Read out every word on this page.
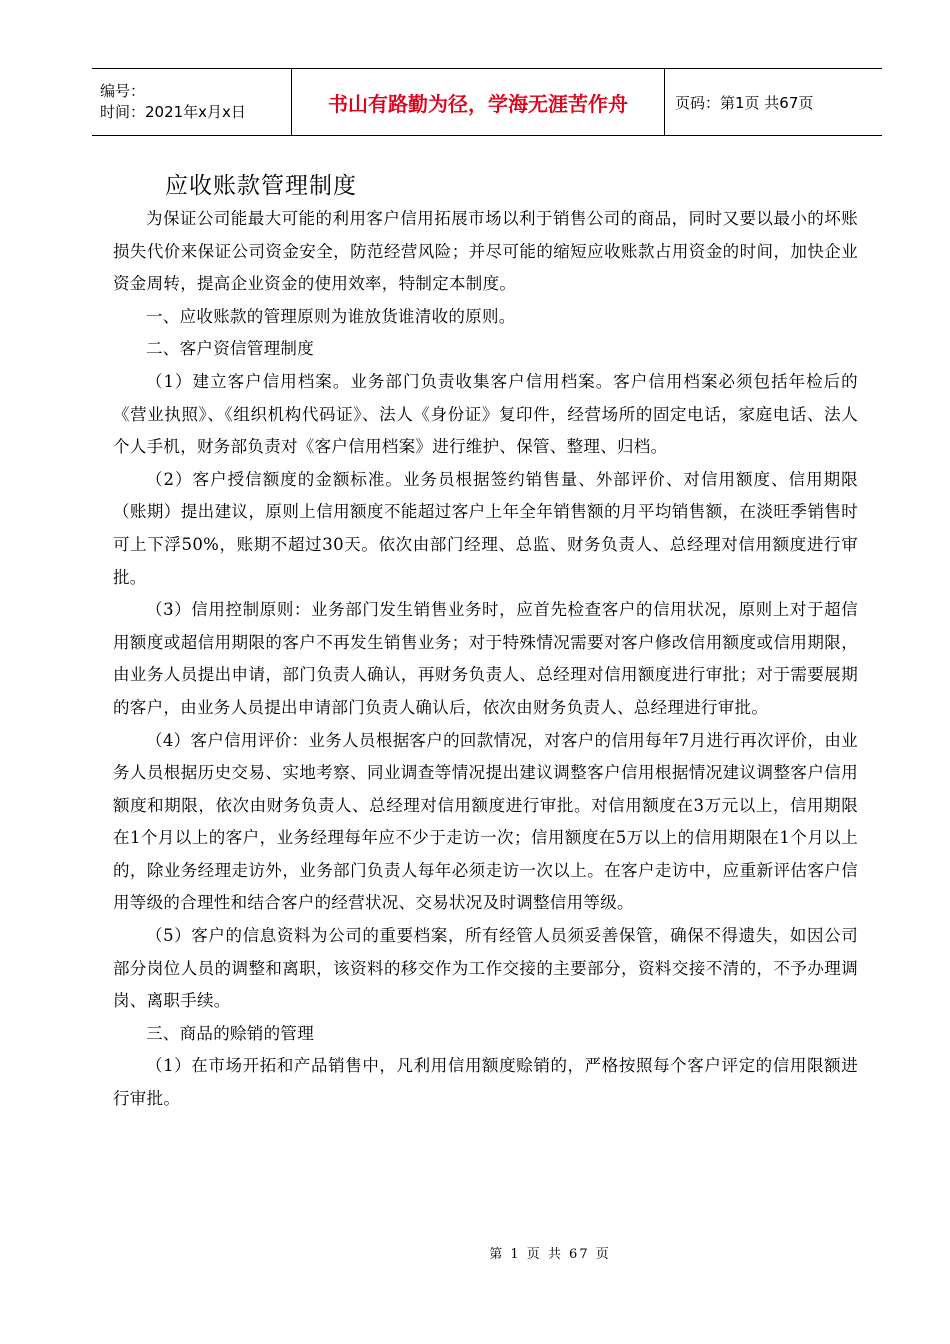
编号：
时间：2021年x月x日	书山有路勤为径，学海无涯苦作舟	页码：第1页 共67页
应收账款管理制度

为保证公司能最大可能的利用客户信用拓展市场以利于销售公司的商品，同时又要以最小的坏账损失代价来保证公司资金安全，防范经营风险；并尽可能的缩短应收账款占用资金的时间，加快企业资金周转，提高企业资金的使用效率，特制定本制度。

一、应收账款的管理原则为谁放货谁清收的原则。

二、客户资信管理制度

（1）建立客户信用档案。业务部门负责收集客户信用档案。客户信用档案必须包括年检后的《营业执照》、《组织机构代码证》、法人《身份证》复印件，经营场所的固定电话，家庭电话、法人个人手机，财务部负责对《客户信用档案》进行维护、保管、整理、归档。

（2）客户授信额度的金额标准。业务员根据签约销售量、外部评价、对信用额度、信用期限（账期）提出建议，原则上信用额度不能超过客户上年全年销售额的月平均销售额，在淡旺季销售时可上下浮50%，账期不超过30天。依次由部门经理、总监、财务负责人、总经理对信用额度进行审批。

（3）信用控制原则：业务部门发生销售业务时，应首先检查客户的信用状况，原则上对于超信用额度或超信用期限的客户不再发生销售业务；对于特殊情况需要对客户修改信用额度或信用期限，由业务人员提出申请，部门负责人确认，再财务负责人、总经理对信用额度进行审批；对于需要展期的客户，由业务人员提出申请部门负责人确认后，依次由财务负责人、总经理进行审批。

（4）客户信用评价：业务人员根据客户的回款情况，对客户的信用每年7月进行再次评价，由业务人员根据历史交易、实地考察、同业调查等情况提出建议调整客户信用根据情况建议调整客户信用额度和期限，依次由财务负责人、总经理对信用额度进行审批。对信用额度在3万元以上，信用期限在1个月以上的客户，业务经理每年应不少于走访一次；信用额度在5万以上的信用期限在1个月以上的，除业务经理走访外，业务部门负责人每年必须走访一次以上。在客户走访中，应重新评估客户信用等级的合理性和结合客户的经营状况、交易状况及时调整信用等级。

（5）客户的信息资料为公司的重要档案，所有经管人员须妥善保管，确保不得遗失，如因公司部分岗位人员的调整和离职，该资料的移交作为工作交接的主要部分，资料交接不清的，不予办理调岗、离职手续。

三、商品的赊销的管理

（1）在市场开拓和产品销售中，凡利用信用额度赊销的，严格按照每个客户评定的信用限额进行审批。

第 1 页 共 67 页
